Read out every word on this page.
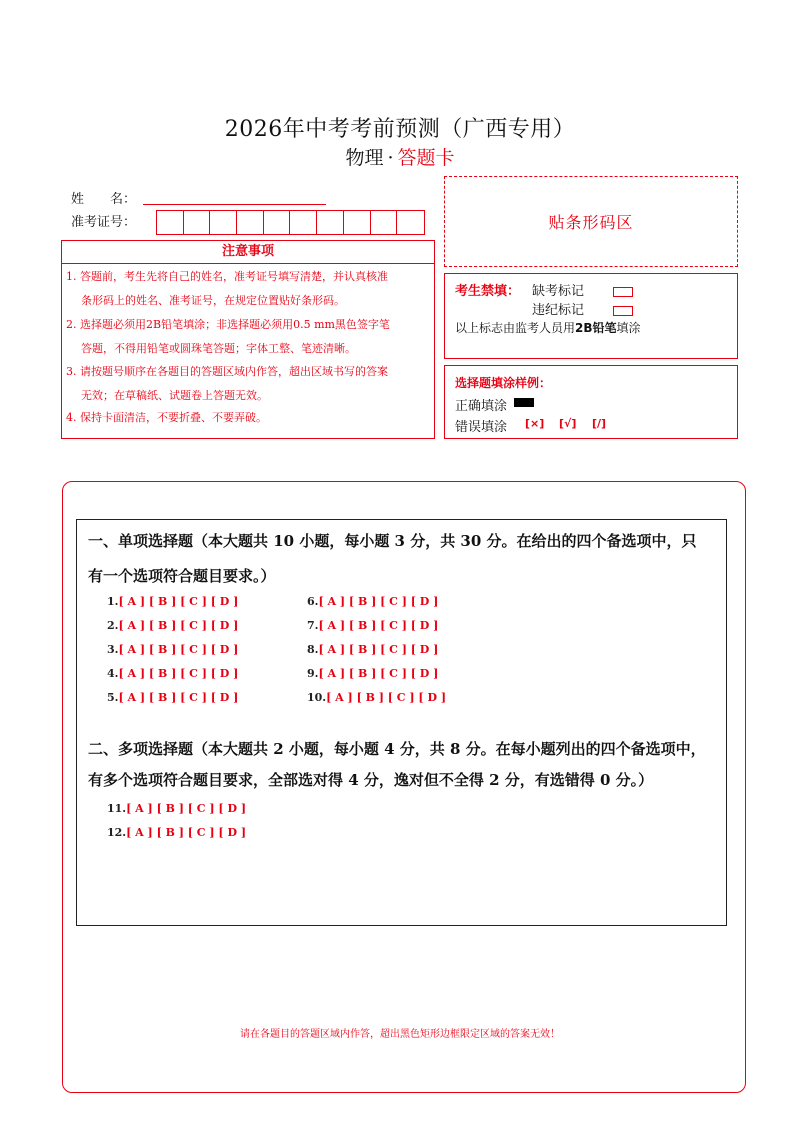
2026年中考考前预测（广西专用）
物理 · 答题卡
姓　　名：
准考证号：	贴条形码区
注意事项
1. 答题前，考生先将自己的姓名，准考证号填写清楚，并认真核准
条形码上的姓名、准考证号，在规定位置贴好条形码。
2. 选择题必须用2B铅笔填涂；非选择题必须用0.5 mm黑色签字笔
答题，不得用铅笔或圆珠笔答题；字体工整、笔迹清晰。
3. 请按题号顺序在各题目的答题区域内作答，超出区域书写的答案
无效；在草稿纸、试题卷上答题无效。
4. 保持卡面清洁，不要折叠、不要弄破。
考生禁填： 缺考标记
违纪标记
以上标志由监考人员用2B铅笔填涂
选择题填涂样例：
正确填涂
错误填涂 [×] [√] [/]
一、单项选择题（本大题共 10 小题，每小题 3 分，共 30 分。在给出的四个备选项中，只
有一个选项符合题目要求。）
1.[ A ] [ B ] [ C ] [ D ]
2.[ A ] [ B ] [ C ] [ D ]
3.[ A ] [ B ] [ C ] [ D ]
4.[ A ] [ B ] [ C ] [ D ]
5.[ A ] [ B ] [ C ] [ D ]
6.[ A ] [ B ] [ C ] [ D ]
7.[ A ] [ B ] [ C ] [ D ]
8.[ A ] [ B ] [ C ] [ D ]
9.[ A ] [ B ] [ C ] [ D ]
10.[ A ] [ B ] [ C ] [ D ]
二、多项选择题（本大题共 2 小题，每小题 4 分，共 8 分。在每小题列出的四个备选项中，
有多个选项符合题目要求，全部选对得 4 分，逸对但不全得 2 分，有选错得 0 分。）
11.[ A ] [ B ] [ C ] [ D ]
12.[ A ] [ B ] [ C ] [ D ]
请在各题目的答题区域内作答，超出黑色矩形边框限定区域的答案无效！
